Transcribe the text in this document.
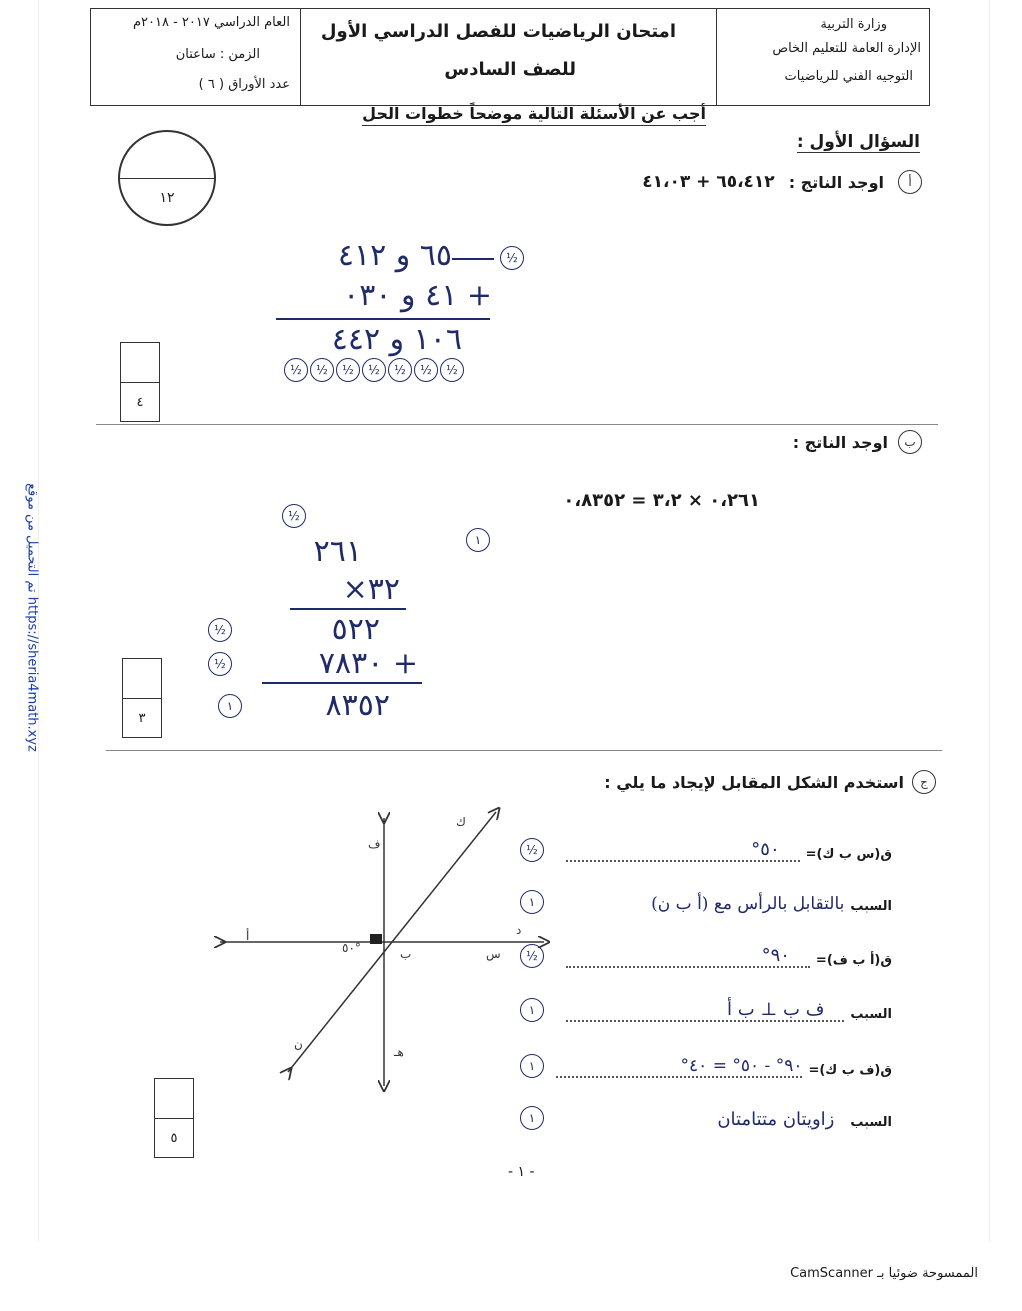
العام الدراسي ٢٠١٧ - ٢٠١٨م
الزمن : ساعتان
عدد الأوراق ( ٦ )
امتحان الرياضيات للفصل الدراسي الأول
للصف السادس
وزارة التربية
الإدارة العامة للتعليم الخاص
التوجيه الفني للرياضيات
أجب عن الأسئلة التالية موضحاً خطوات الحل
١٢
السؤال الأول :
أ
اوجد الناتج :
٦٥،٤١٢ + ٤١،٠٣
٦٥ و ٤١٢	½
+ ٤١ و ٠٣٠
١٠٦ و ٤٤٢
½	½	½	½	½	½	½
٤
ب
اوجد الناتج :
٠،٢٦١ × ٣،٢ = ٠،٨٣٥٢
١
½
٢٦١
٣٢×
٥٢٢
+ ٧٨٣٠
٨٣٥٢
½
½
١
٣
ج
استخدم الشكل المقابل لإيجاد ما يلي :
٥٠°
ف
ك
أ	د
ب	س
ن
هـ
ق(س ب ك)=
٥٠°
½
السبب
بالتقابل بالرأس مع (أ ب ن)
١
ق(أ ب ف)=
٩٠°
½
السبب
ف ب ⊥ ب أ
١
ق(ف ب ك)=
٩٠° - ٥٠° = ٤٠°
١
السبب
زاويتان متتامتان
١
٥
- ١ -
تم التحميل من موقع https://sheria4math.xyz
CamScanner الممسوحة ضوئيا بـ
